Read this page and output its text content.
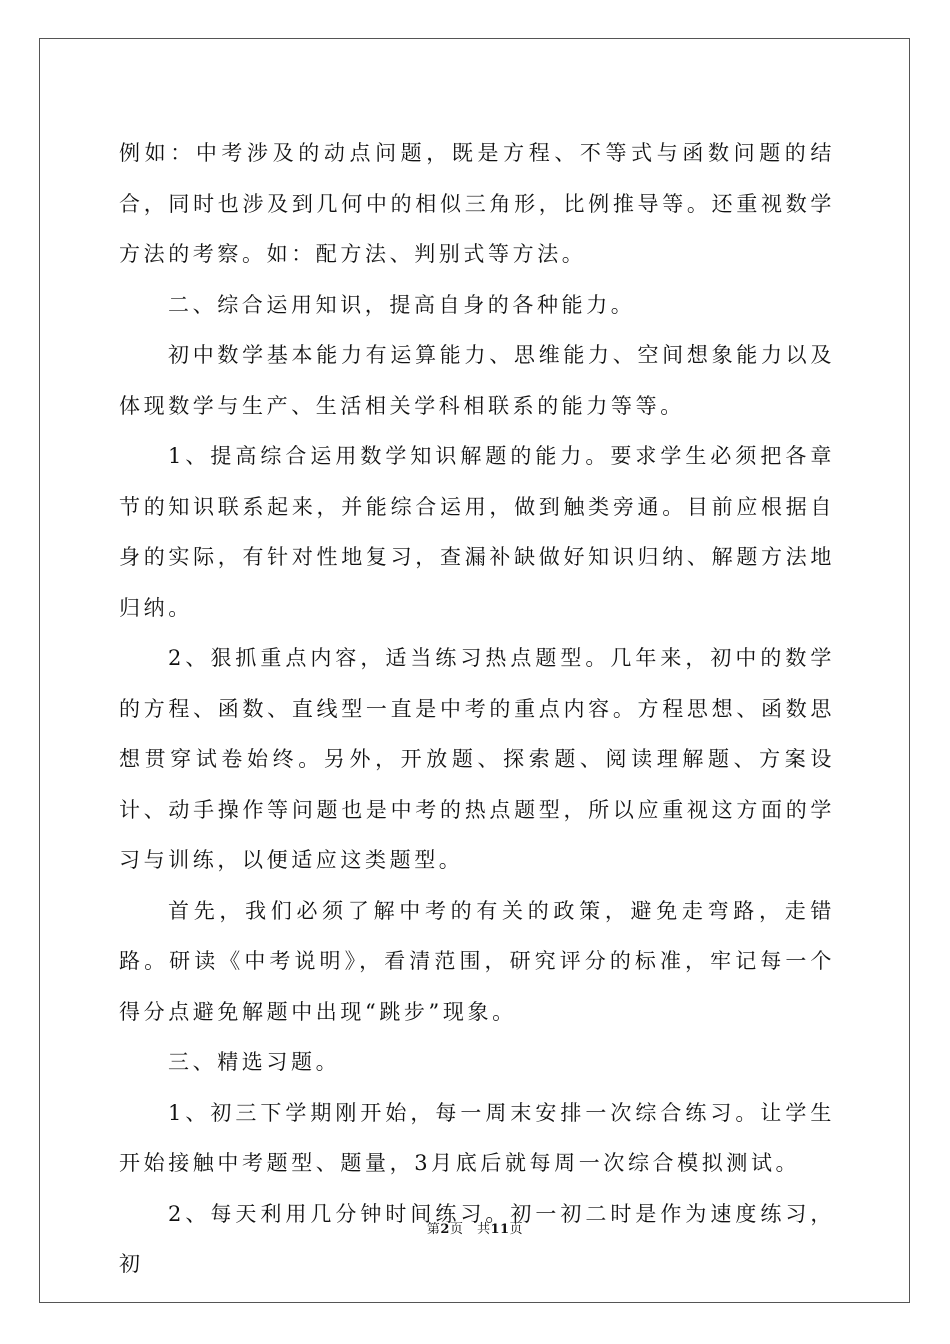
例如：中考涉及的动点问题，既是方程、不等式与函数问题的结合，同时也涉及到几何中的相似三角形，比例推导等。还重视数学方法的考察。如：配方法、判别式等方法。

二、综合运用知识，提高自身的各种能力。

初中数学基本能力有运算能力、思维能力、空间想象能力以及体现数学与生产、生活相关学科相联系的能力等等。

1、提高综合运用数学知识解题的能力。要求学生必须把各章节的知识联系起来，并能综合运用，做到触类旁通。目前应根据自身的实际，有针对性地复习，查漏补缺做好知识归纳、解题方法地归纳。

2、狠抓重点内容，适当练习热点题型。几年来，初中的数学的方程、函数、直线型一直是中考的重点内容。方程思想、函数思想贯穿试卷始终。另外，开放题、探索题、阅读理解题、方案设计、动手操作等问题也是中考的热点题型，所以应重视这方面的学习与训练，以便适应这类题型。

首先，我们必须了解中考的有关的政策，避免走弯路，走错路。研读《中考说明》，看清范围，研究评分的标准，牢记每一个得分点避免解题中出现“跳步”现象。

三、精选习题。

1、初三下学期刚开始，每一周末安排一次综合练习。让学生开始接触中考题型、题量，3月底后就每周一次综合模拟测试。

2、每天利用几分钟时间练习。初一初二时是作为速度练习，初

第2页　共11页
